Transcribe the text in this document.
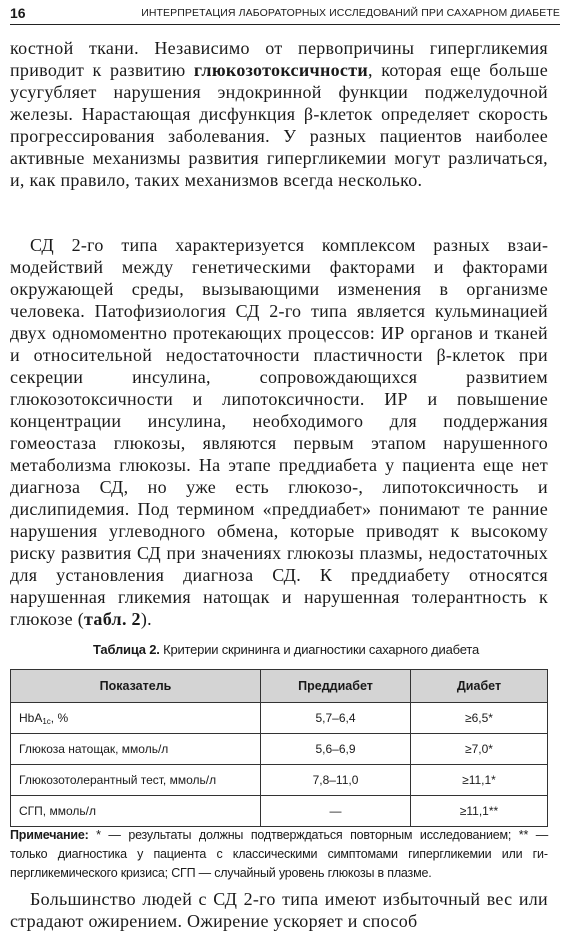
16	ИНТЕРПРЕТАЦИЯ ЛАБОРАТОРНЫХ ИССЛЕДОВАНИЙ ПРИ САХАРНОМ ДИАБЕТЕ

костной ткани. Независимо от первопричины гипергликемия приводит к развитию глюкозотоксичности, которая еще больше усугубляет нарушения эндокринной функции поджелудочной железы. Нарастающая дисфункция β-клеток определяет скорость прогрессирования заболевания. У разных пациентов наиболее активные механизмы развития гипергликемии могут различаться, и, как правило, таких механизмов всегда несколько.

СД 2-го типа характеризуется комплексом разных взаимодействий между генетическими факторами и факторами окружающей среды, вызывающими изменения в организме человека. Патофизиология СД 2-го типа является кульминацией двух одномоментно протекающих процессов: ИР органов и тканей и относительной недостаточности пластичности β-клеток при секреции инсулина, сопровождающихся развитием глюкозотоксичности и липотоксичности. ИР и повышение концентрации инсулина, необходимого для поддержания гомеостаза глюкозы, являются первым этапом нарушенного метаболизма глюкозы. На этапе преддиабета у пациента еще нет диагноза СД, но уже есть глюкозо-, липотоксичность и дислипидемия. Под термином «преддиабет» понимают те ранние нарушения углеводного обмена, которые приводят к высокому риску развития СД при значениях глюкозы плазмы, недостаточных для установления диагноза СД. К преддиабету относятся нарушенная гликемия натощак и нарушенная толерантность к глюкозе (табл. 2).

Таблица 2. Критерии скрининга и диагностики сахарного диабета
Показатель	Преддиабет	Диабет
HbA$_{1c}$, %	5,7–6,4	≥6,5*
Глюкоза натощак, ммоль/л	5,6–6,9	≥7,0*
Глюкозотолерантный тест, ммоль/л	7,8–11,0	≥11,1*
СГП, ммоль/л	—	≥11,1**

Примечание: * — результаты должны подтверждаться повторным исследованием; ** — только диагностика у пациента с классическими симптомами гипергликемии или гипергликемического кризиса; СГП — случайный уровень глюкозы в плазме.

Большинство людей с СД 2-го типа имеют избыточный вес или страдают ожирением. Ожирение ускоряет и способ
